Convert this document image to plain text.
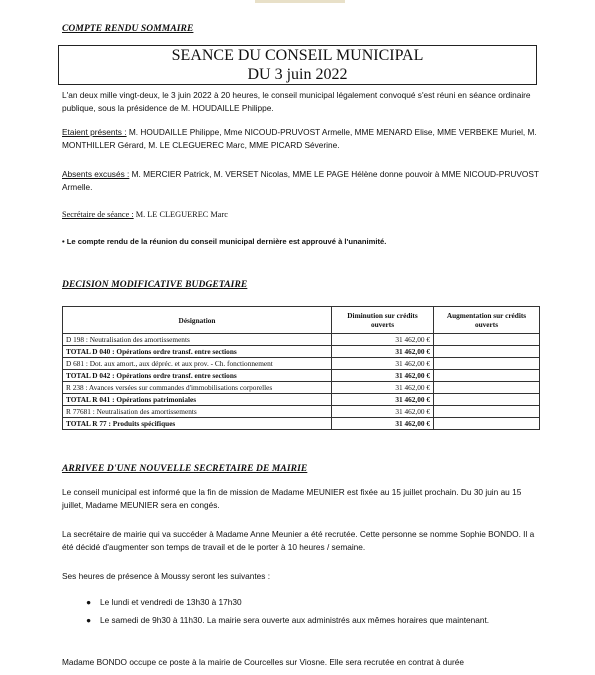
COMPTE RENDU SOMMAIRE
SEANCE DU CONSEIL MUNICIPAL
DU 3 juin 2022
L'an deux mille vingt-deux, le 3 juin 2022 à 20 heures, le conseil municipal légalement convoqué s'est réuni en séance ordinaire publique, sous la présidence de M. HOUDAILLE Philippe.
Etaient présents : M. HOUDAILLE Philippe, Mme NICOUD-PRUVOST Armelle, MME MENARD Elise, MME VERBEKE Muriel, M. MONTHILLER Gérard, M. LE CLEGUEREC Marc, MME PICARD Séverine.
Absents excusés : M. MERCIER Patrick, M. VERSET Nicolas, MME LE PAGE Hélène donne pouvoir à MME NICOUD-PRUVOST Armelle.
Secrétaire de séance : M. LE CLEGUEREC Marc
• Le compte rendu de la réunion du conseil municipal dernière est approuvé à l'unanimité.
DECISION MODIFICATIVE BUDGETAIRE
Désignation	Diminution sur crédits ouverts	Augmentation sur crédits ouverts
D 198 : Neutralisation des amortissements	31 462,00 €	
TOTAL D 040 : Opérations ordre transf. entre sections	31 462,00 €	
D 681 : Dot. aux amort., aux dépréc. et aux prov. - Ch. fonctionnement	31 462,00 €	
TOTAL D 042 : Opérations ordre transf. entre sections	31 462,00 €	
R 238 : Avances versées sur commandes d'immobilisations corporelles	31 462,00 €	
TOTAL R 041 : Opérations patrimoniales	31 462,00 €	
R 77681 : Neutralisation des amortissements	31 462,00 €	
TOTAL R 77 : Produits spécifiques	31 462,00 €	
ARRIVEE D'UNE NOUVELLE SECRETAIRE DE MAIRIE
Le conseil municipal est informé que la fin de mission de Madame MEUNIER est fixée au 15 juillet prochain. Du 30 juin au 15 juillet, Madame MEUNIER sera en congés.
La secrétaire de mairie qui va succéder à Madame Anne Meunier a été recrutée. Cette personne se nomme Sophie BONDO. Il a été décidé d'augmenter son temps de travail et de le porter à 10 heures / semaine.
Ses heures de présence à Moussy seront les suivantes :
● Le lundi et vendredi de 13h30 à 17h30
● Le samedi de 9h30 à 11h30. La mairie sera ouverte aux administrés aux mêmes horaires que maintenant.
Madame BONDO occupe ce poste à la mairie de Courcelles sur Viosne. Elle sera recrutée en contrat à durée
